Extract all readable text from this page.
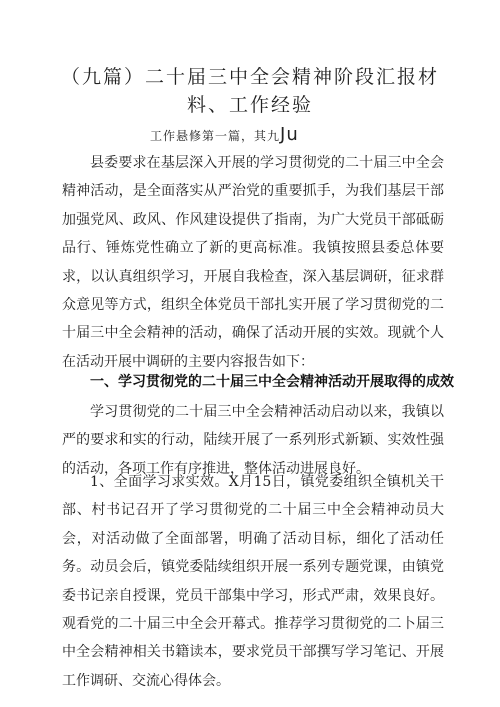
（九篇）二十届三中全会精神阶段汇报材
料、工作经验
工作悬修第一篇，其九Ju

县委要求在基层深入开展的学习贯彻党的二十届三中全会精神活动，是全面落实从严治党的重要抓手，为我们基层干部加强党风、政风、作风建设提供了指南，为广大党员干部砥砺品行、锤炼党性确立了新的更高标准。我镇按照县委总体要求，以认真组织学习，开展自我检查，深入基层调研，征求群众意见等方式，组织全体党员干部扎实开展了学习贯彻党的二十届三中全会精神的活动，确保了活动开展的实效。现就个人在活动开展中调研的主要内容报告如下：

一、学习贯彻党的二十届三中全会精神活动开展取得的成效

学习贯彻党的二十届三中全会精神活动启动以来，我镇以严的要求和实的行动，陆续开展了一系列形式新颖、实效性强的活动，各项工作有序推进，整体活动进展良好。

1、全面学习求实效。X月15日，镇党委组织全镇机关干部、村书记召开了学习贯彻党的二十届三中全会精神动员大会，对活动做了全面部署，明确了活动目标，细化了活动任务。动员会后，镇党委陆续组织开展一系列专题党课，由镇党委书记亲自授课，党员干部集中学习，形式严肃，效果良好。观看党的二十届三中全会开幕式。推荐学习贯彻党的二卜届三中全会精神相关书籍读本，要求党员干部撰写学习笔记、开展工作调研、交流心得体会。
